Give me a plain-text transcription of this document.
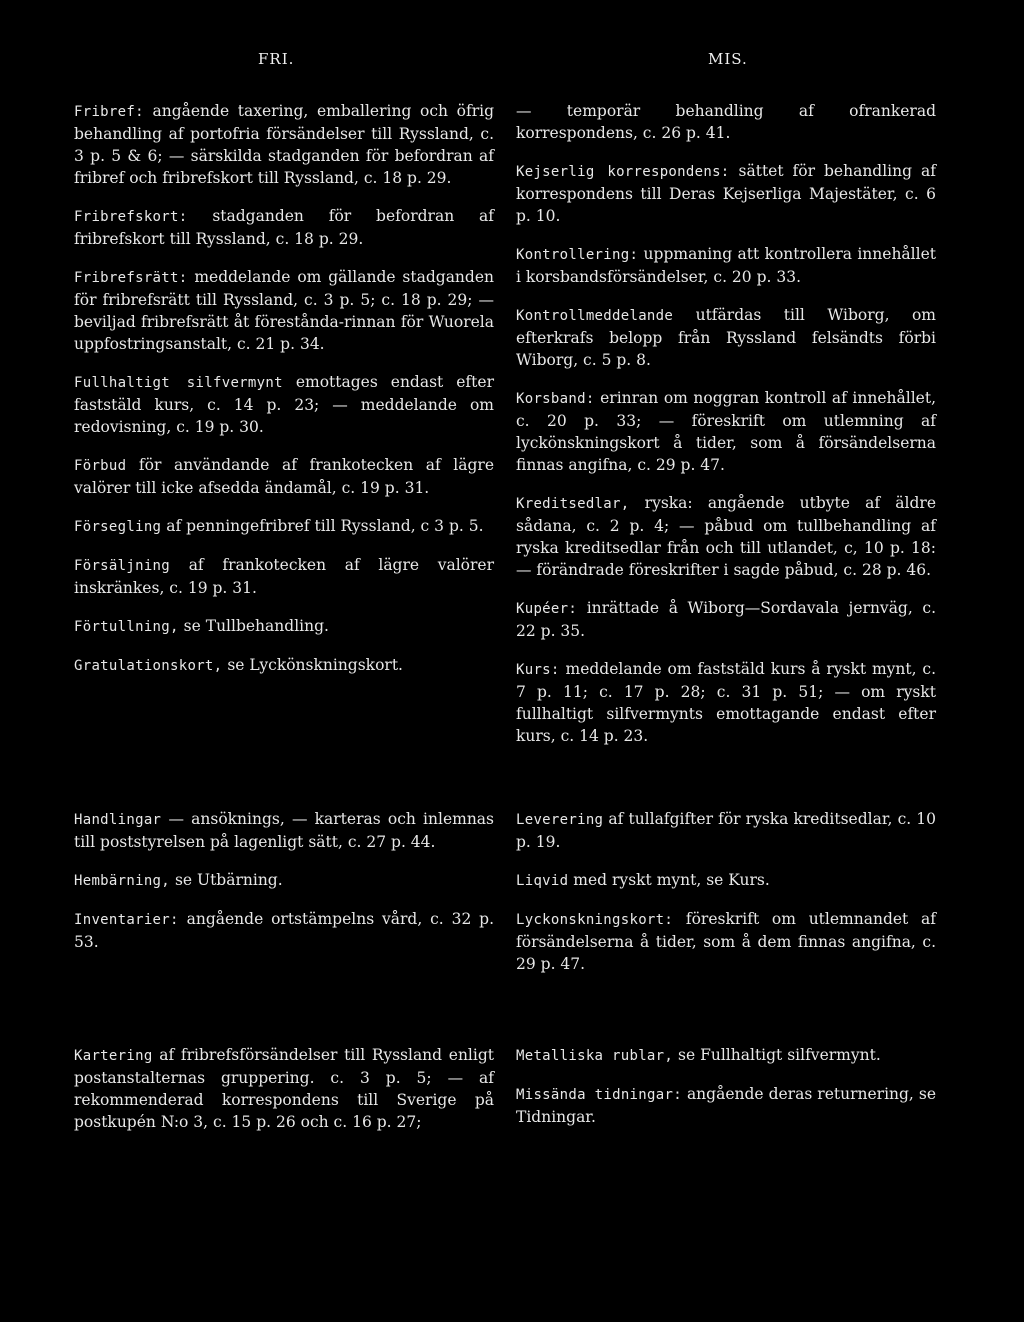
FRI.	MIS.
Fribref: angående taxering, emballering och öfrig behandling af portofria försändelser till Ryssland, c. 3 p. 5 & 6; — särskilda stadganden för befordran af fribref och fribrefskort till Ryssland, c. 18 p. 29.
Fribrefskort: stadganden för befordran af fribrefskort till Ryssland, c. 18 p. 29.
Fribrefsrätt: meddelande om gällande stadganden för fribrefsrätt till Ryssland, c. 3 p. 5; c. 18 p. 29; — beviljad fribrefsrätt åt förestånda-rinnan för Wuorela uppfostringsanstalt, c. 21 p. 34.
Fullhaltigt silfvermynt emottages endast efter faststäld kurs, c. 14 p. 23; — meddelande om redovisning, c. 19 p. 30.
Förbud för användande af frankotecken af lägre valörer till icke afsedda ändamål, c. 19 p. 31.
Försegling af penningefribref till Ryssland, c 3 p. 5.
Försäljning af frankotecken af lägre valörer inskränkes, c. 19 p. 31.
Förtullning, se Tullbehandling.
Gratulationskort, se Lyckönskningskort.
— temporär behandling af ofrankerad korrespondens, c. 26 p. 41.
Kejserlig korrespondens: sättet för behandling af korrespondens till Deras Kejserliga Majestäter, c. 6 p. 10.
Kontrollering: uppmaning att kontrollera innehållet i korsbandsförsändelser, c. 20 p. 33.
Kontrollmeddelande utfärdas till Wiborg, om efterkrafs belopp från Ryssland felsändts förbi Wiborg, c. 5 p. 8.
Korsband: erinran om noggran kontroll af innehållet, c. 20 p. 33; — föreskrift om utlemning af lyckönskningskort å tider, som å försändelserna finnas angifna, c. 29 p. 47.
Kreditsedlar, ryska: angående utbyte af äldre sådana, c. 2 p. 4; — påbud om tullbehandling af ryska kreditsedlar från och till utlandet, c, 10 p. 18: — förändrade föreskrifter i sagde påbud, c. 28 p. 46.
Kupéer: inrättade å Wiborg—Sordavala jernväg, c. 22 p. 35.
Kurs: meddelande om faststäld kurs å ryskt mynt, c. 7 p. 11; c. 17 p. 28; c. 31 p. 51; — om ryskt fullhaltigt silfvermynts emottagande endast efter kurs, c. 14 p. 23.
Handlingar — ansöknings, — karteras och inlemnas till poststyrelsen på lagenligt sätt, c. 27 p. 44.
Hembärning, se Utbärning.
Inventarier: angående ortstämpelns vård, c. 32 p. 53.
Leverering af tullafgifter för ryska kreditsedlar, c. 10 p. 19.
Liqvid med ryskt mynt, se Kurs.
Lyckonskningskort: föreskrift om utlemnandet af försändelserna å tider, som å dem finnas angifna, c. 29 p. 47.
Kartering af fribrefsförsändelser till Ryssland enligt postanstalternas gruppering. c. 3 p. 5; — af rekommenderad korrespondens till Sverige på postkupén N:o 3, c. 15 p. 26 och c. 16 p. 27;
Metalliska rublar, se Fullhaltigt silfvermynt.
Missända tidningar: angående deras returnering, se Tidningar.
